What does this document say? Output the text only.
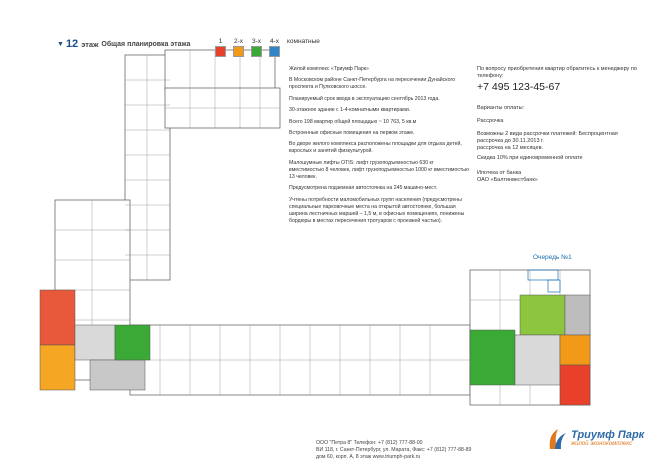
▼ 12 этаж Общая планировка этажа	1 2-х 3-х 4-х комнатные

Жилой комплекс «Триумф Парк»

В Московском районе Санкт-Петербурга на пересечении Дунайского проспекта и Пулковского шоссе.

Планируемый срок ввода в эксплуатацию сентябрь 2013 года.

30-этажное здание с 1-4-комнатными квартирами.

Всего 198 квартир общей площадью ~ 10 763, 5 кв.м

Встроенные офисные помещения на первом этаже.

Во дворе жилого комплекса расположены площадки для отдыха детей, взрослых и занятий физкультурой.

Малошумные лифты OTIS: лифт грузоподъемностью 630 кг вместимостью 8 человек, лифт грузоподъемностью 1000 кг вместимостью 13 человек.

Предусмотрена подземная автостоянка на 245 машино-мест.

Учтены потребности маломобильных групп населения (предусмотрены специальные парковочные места на открытой автостоянке, большая ширина лестничных маршей – 1,5 м, в офисных помещениях, понижены бордюры в местах пересечения тротуаров с проезжей частью).

По вопросу приобретения квартир обратитесь к менеджеру по телефону:

+7 495 123-45-67

Варианты оплаты:

Рассрочка

Возможны 2 вида рассрочки платежей: Беспроцентная

рассрочка до 30.11.2013 г.

рассрочка на 12 месяцев.

Скидка 10% при единовременной оплате

Ипотека от банка

ОАО «Балтинвестбанк»

Очередь №1
ООО "Петра 8" Телефон: +7 (812) 777-88-00
ВИ 118, г. Санкт-Петербург, ул. Марата, Факс: +7 (812) 777-88-89
дом 60, корп. А, 8 этаж www.triumph-park.ru
Триумф Парк
жилой эконокомплекс
